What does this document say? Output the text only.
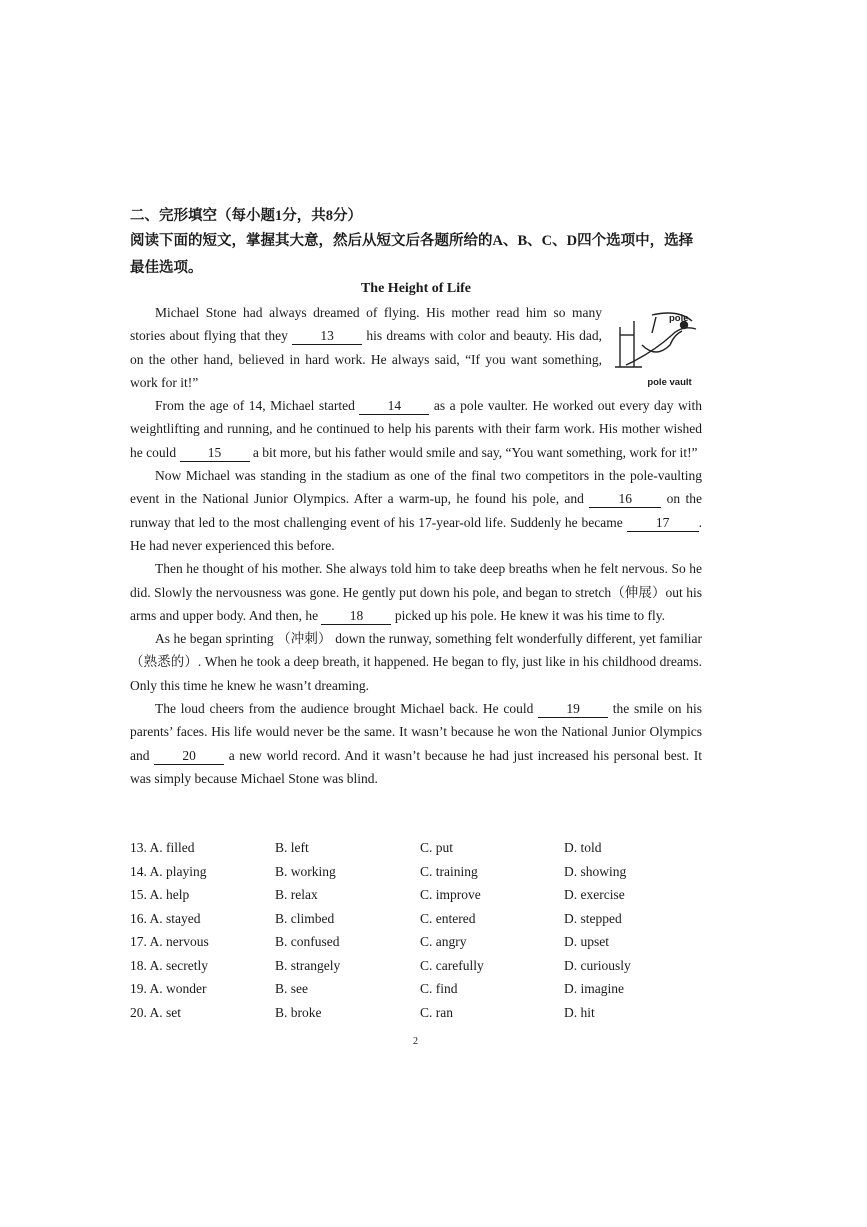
二、完形填空（每小题1分，共8分）
阅读下面的短文，掌握其大意，然后从短文后各题所给的A、B、C、D四个选项中，选择最佳选项。
The Height of Life

pole
pole vault
Michael Stone had always dreamed of flying. His mother read him so many stories about flying that they 13 his dreams with color and beauty. His dad, on the other hand, believed in hard work. He always said, “If you want something, work for it!”

From the age of 14, Michael started 14 as a pole vaulter. He worked out every day with weightlifting and running, and he continued to help his parents with their farm work. His mother wished he could 15 a bit more, but his father would smile and say, “You want something, work for it!”

Now Michael was standing in the stadium as one of the final two competitors in the pole-vaulting event in the National Junior Olympics. After a warm-up, he found his pole, and	16	on the runway that led to the most challenging event of his 17-year-old life. Suddenly he became 17 . He had never experienced this before.

Then he thought of his mother. She always told him to take deep breaths when he felt nervous. So he did. Slowly the nervousness was gone. He gently put down his pole, and began to stretch（伸展）out his arms and upper body. And then, he 18 picked up his pole. He knew it was his time to fly.

As he began sprinting （冲刺） down the runway, something felt wonderfully different, yet familiar （熟悉的）. When he took a deep breath, it happened. He began to fly, just like in his childhood dreams. Only this time he knew he wasn’t dreaming.

The loud cheers from the audience brought Michael back. He could 19 the smile on his parents’ faces. His life would never be the same. It wasn’t because he won the National Junior Olympics and 20 a new world record. And it wasn’t because he had just increased his personal best. It was simply because Michael Stone was blind.

13. A. filled	B. left	C. put	D. told
14. A. playing	B. working	C. training	D. showing
15. A. help	B. relax	C. improve	D. exercise
16. A. stayed	B. climbed	C. entered	D. stepped
17. A. nervous	B. confused	C. angry	D. upset
18. A. secretly	B. strangely	C. carefully	D. curiously
19. A. wonder	B. see	C. find	D. imagine
20. A. set	B. broke	C. ran	D. hit
2
